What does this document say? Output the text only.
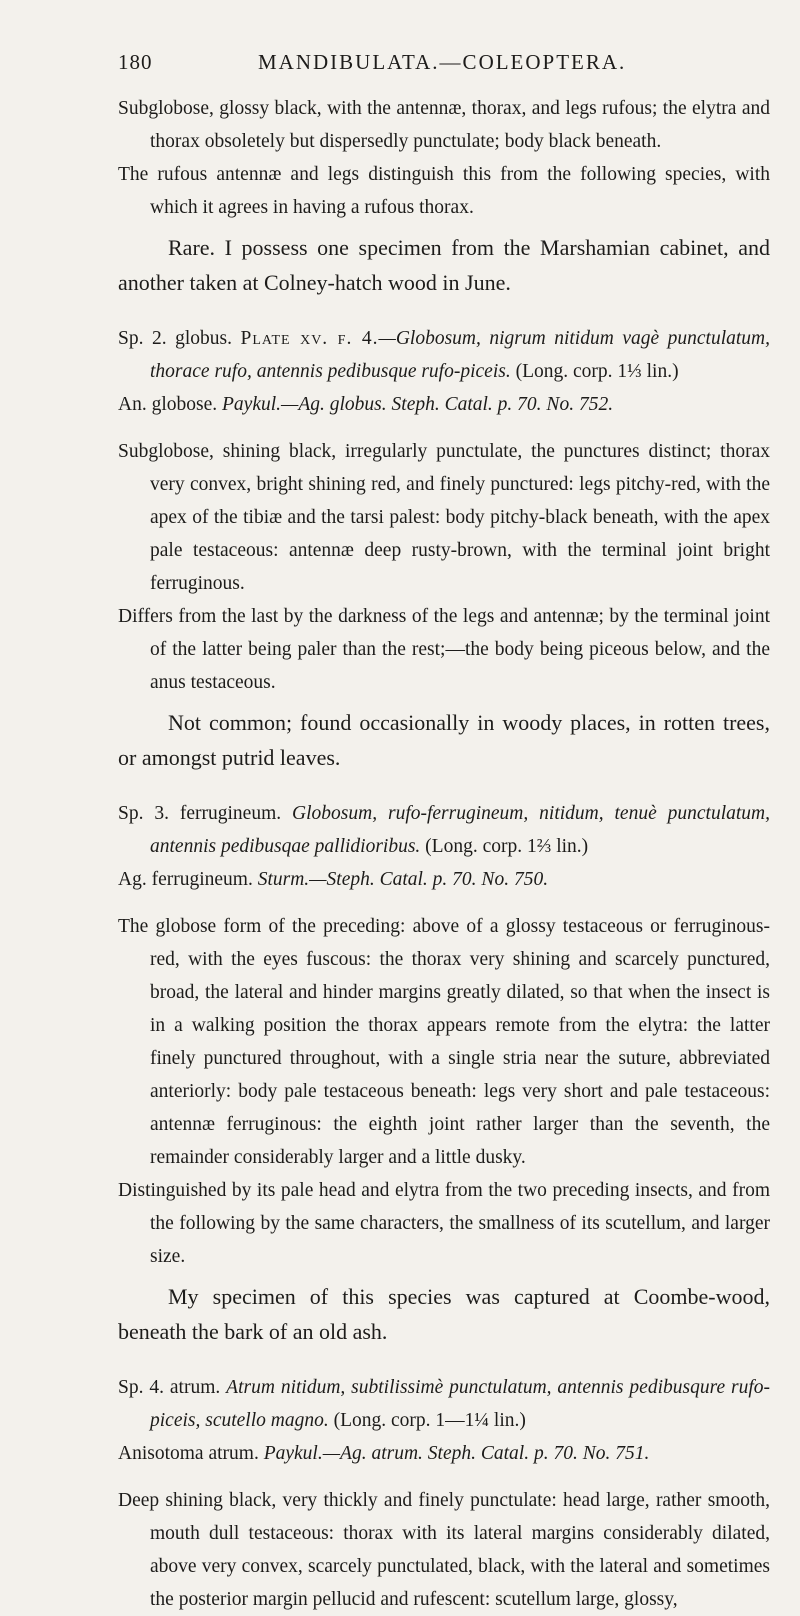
180	MANDIBULATA.—COLEOPTERA.

Subglobose, glossy black, with the antennæ, thorax, and legs rufous; the elytra and thorax obsoletely but dispersedly punctulate; body black beneath.

The rufous antennæ and legs distinguish this from the following species, with which it agrees in having a rufous thorax.

Rare. I possess one specimen from the Marshamian cabinet, and another taken at Colney-hatch wood in June.

Sp. 2. globus. Plate xv. f. 4.—Globosum, nigrum nitidum vagè punctulatum, thorace rufo, antennis pedibusque rufo-piceis. (Long. corp. 1⅓ lin.)

An. globose. Paykul.—Ag. globus. Steph. Catal. p. 70. No. 752.

Subglobose, shining black, irregularly punctulate, the punctures distinct; thorax very convex, bright shining red, and finely punctured: legs pitchy-red, with the apex of the tibiæ and the tarsi palest: body pitchy-black beneath, with the apex pale testaceous: antennæ deep rusty-brown, with the terminal joint bright ferruginous.

Differs from the last by the darkness of the legs and antennæ; by the terminal joint of the latter being paler than the rest;—the body being piceous below, and the anus testaceous.

Not common; found occasionally in woody places, in rotten trees, or amongst putrid leaves.

Sp. 3. ferrugineum. Globosum, rufo-ferrugineum, nitidum, tenuè punctulatum, antennis pedibusqae pallidioribus. (Long. corp. 1⅔ lin.)

Ag. ferrugineum. Sturm.—Steph. Catal. p. 70. No. 750.

The globose form of the preceding: above of a glossy testaceous or ferruginous-red, with the eyes fuscous: the thorax very shining and scarcely punctured, broad, the lateral and hinder margins greatly dilated, so that when the insect is in a walking position the thorax appears remote from the elytra: the latter finely punctured throughout, with a single stria near the suture, abbreviated anteriorly: body pale testaceous beneath: legs very short and pale testaceous: antennæ ferruginous: the eighth joint rather larger than the seventh, the remainder considerably larger and a little dusky.

Distinguished by its pale head and elytra from the two preceding insects, and from the following by the same characters, the smallness of its scutellum, and larger size.

My specimen of this species was captured at Coombe-wood, beneath the bark of an old ash.

Sp. 4. atrum. Atrum nitidum, subtilissimè punctulatum, antennis pedibusqure rufo-piceis, scutello magno. (Long. corp. 1—1¼ lin.)

Anisotoma atrum. Paykul.—Ag. atrum. Steph. Catal. p. 70. No. 751.

Deep shining black, very thickly and finely punctulate: head large, rather smooth, mouth dull testaceous: thorax with its lateral margins considerably dilated, above very convex, scarcely punctulated, black, with the lateral and sometimes the posterior margin pellucid and rufescent: scutellum large, glossy,
